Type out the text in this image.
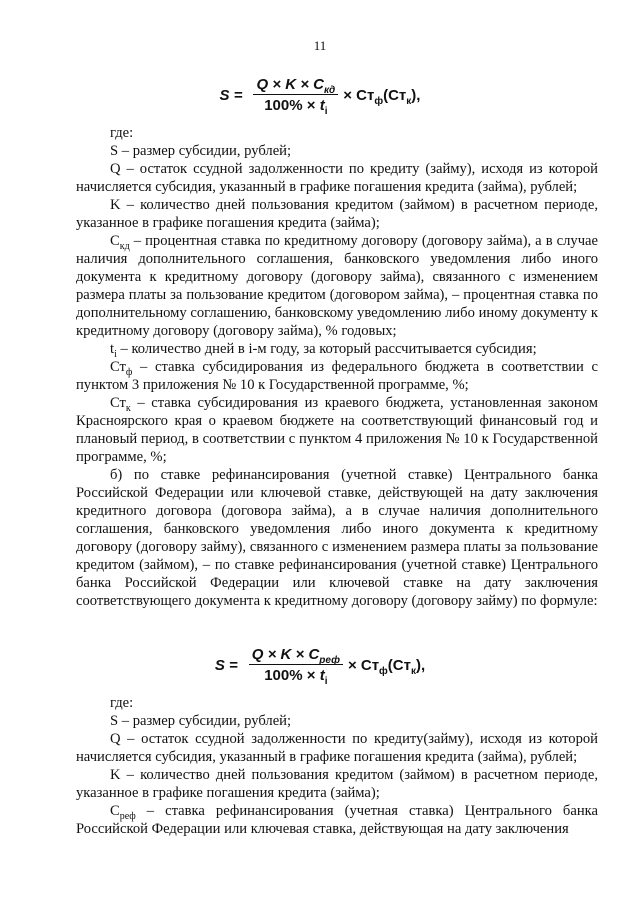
11
$S = \frac{Q \times K \times C_{кд}}{100\% \times t_i} \times Ст_ф(Ст_к)$,

где:

S – размер субсидии, рублей;

Q – остаток ссудной задолженности по кредиту (займу), исходя из которой начисляется субсидия, указанный в графике погашения кредита (займа), рублей;

K – количество дней пользования кредитом (займом) в расчетном периоде, указанное в графике погашения кредита (займа);

$С_{кд}$ – процентная ставка по кредитному договору (договору займа), а в случае наличия дополнительного соглашения, банковского уведомления либо иного документа к кредитному договору (договору займа), связанного с изменением размера платы за пользование кредитом (договором займа), – процентная ставка по дополнительному соглашению, банковскому уведомлению либо иному документу к кредитному договору (договору займа), % годовых;

$t_i$ – количество дней в i-м году, за который рассчитывается субсидия;

$Ст_ф$ – ставка субсидирования из федерального бюджета в соответствии с пунктом 3 приложения № 10 к Государственной программе, %;

$Ст_к$ – ставка субсидирования из краевого бюджета, установленная законом Красноярского края о краевом бюджете на соответствующий финансовый год и плановый период, в соответствии с пунктом 4 приложения № 10 к Государственной программе, %;

б) по ставке рефинансирования (учетной ставке) Центрального банка Российской Федерации или ключевой ставке, действующей на дату заключения кредитного договора (договора займа), а в случае наличия дополнительного соглашения, банковского уведомления либо иного документа к кредитному договору (договору займу), связанного с изменением размера платы за пользование кредитом (займом), – по ставке рефинансирования (учетной ставке) Центрального банка Российской Федерации или ключевой ставке на дату заключения соответствующего документа к кредитному договору (договору займу) по формуле:

$S = \frac{Q \times K \times C_{реф}}{100\% \times t_i} \times Ст_ф(Ст_к)$,

где:

S – размер субсидии, рублей;

Q – остаток ссудной задолженности по кредиту(займу), исходя из которой начисляется субсидия, указанный в графике погашения кредита (займа), рублей;

K – количество дней пользования кредитом (займом) в расчетном периоде, указанное в графике погашения кредита (займа);

$С_{реф}$ – ставка рефинансирования (учетная ставка) Центрального банка Российской Федерации или ключевая ставка, действующая на дату заключения
